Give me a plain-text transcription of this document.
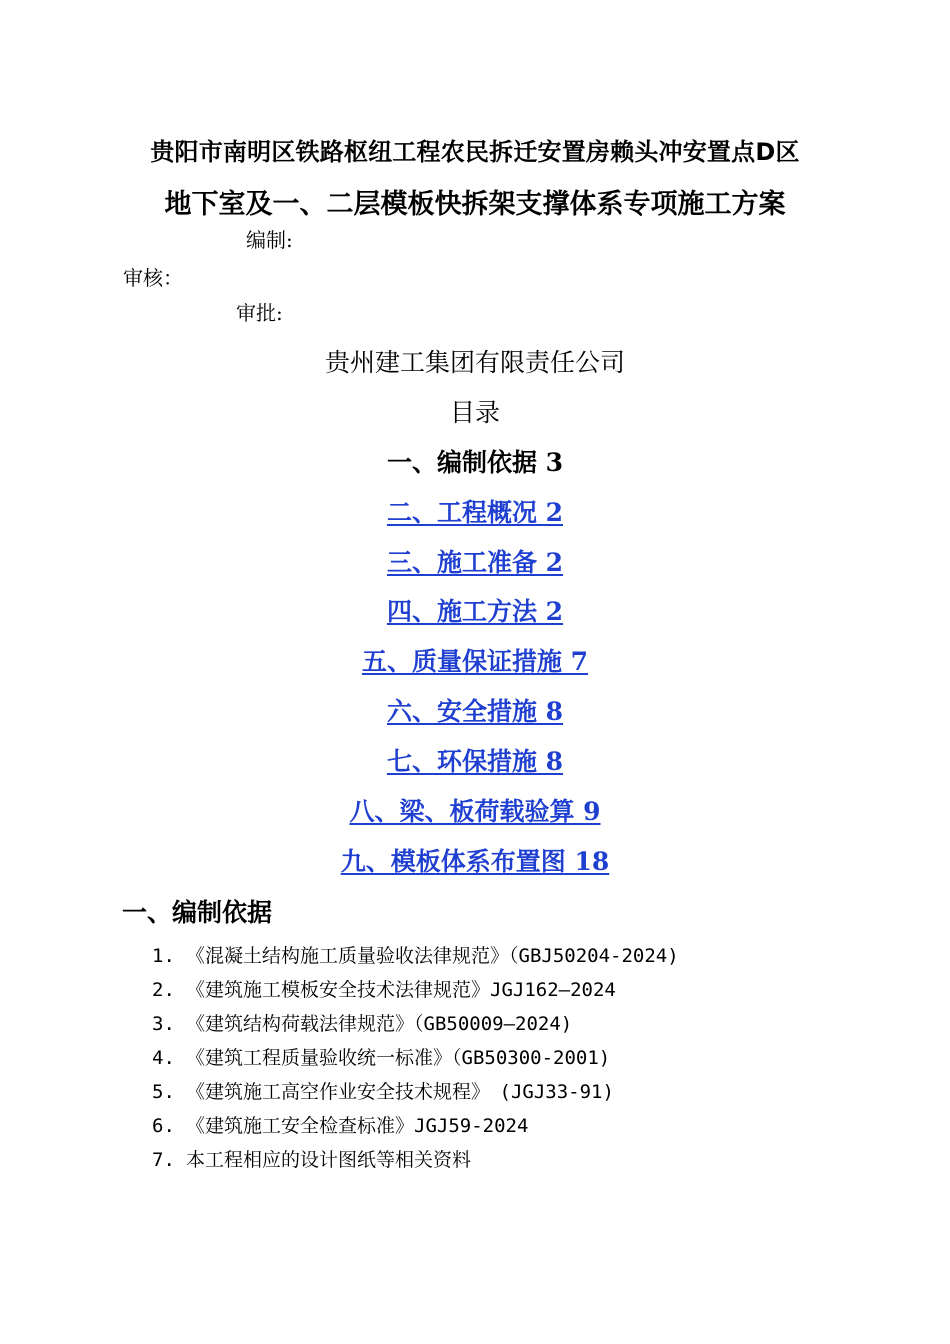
贵阳市南明区铁路枢纽工程农民拆迁安置房赖头冲安置点D区
地下室及一、二层模板快拆架支撑体系专项施工方案
编制:
审核：
审批:
贵州建工集团有限责任公司
目录
一、编制依据 3
二、工程概况 2
三、施工准备 2
四、施工方法 2
五、质量保证措施 7
六、安全措施 8
七、环保措施 8
八、梁、板荷载验算 9
九、模板体系布置图 18
一、编制依据
1. 《混凝土结构施工质量验收法律规范》（GBJ50204-2024)
2. 《建筑施工模板安全技术法律规范》JGJ162—2024
3. 《建筑结构荷载法律规范》（GB50009—2024)
4. 《建筑工程质量验收统一标准》（GB50300-2001)
5. 《建筑施工高空作业安全技术规程》　(JGJ33-91)
6. 《建筑施工安全检查标准》JGJ59-2024
7. 本工程相应的设计图纸等相关资料
